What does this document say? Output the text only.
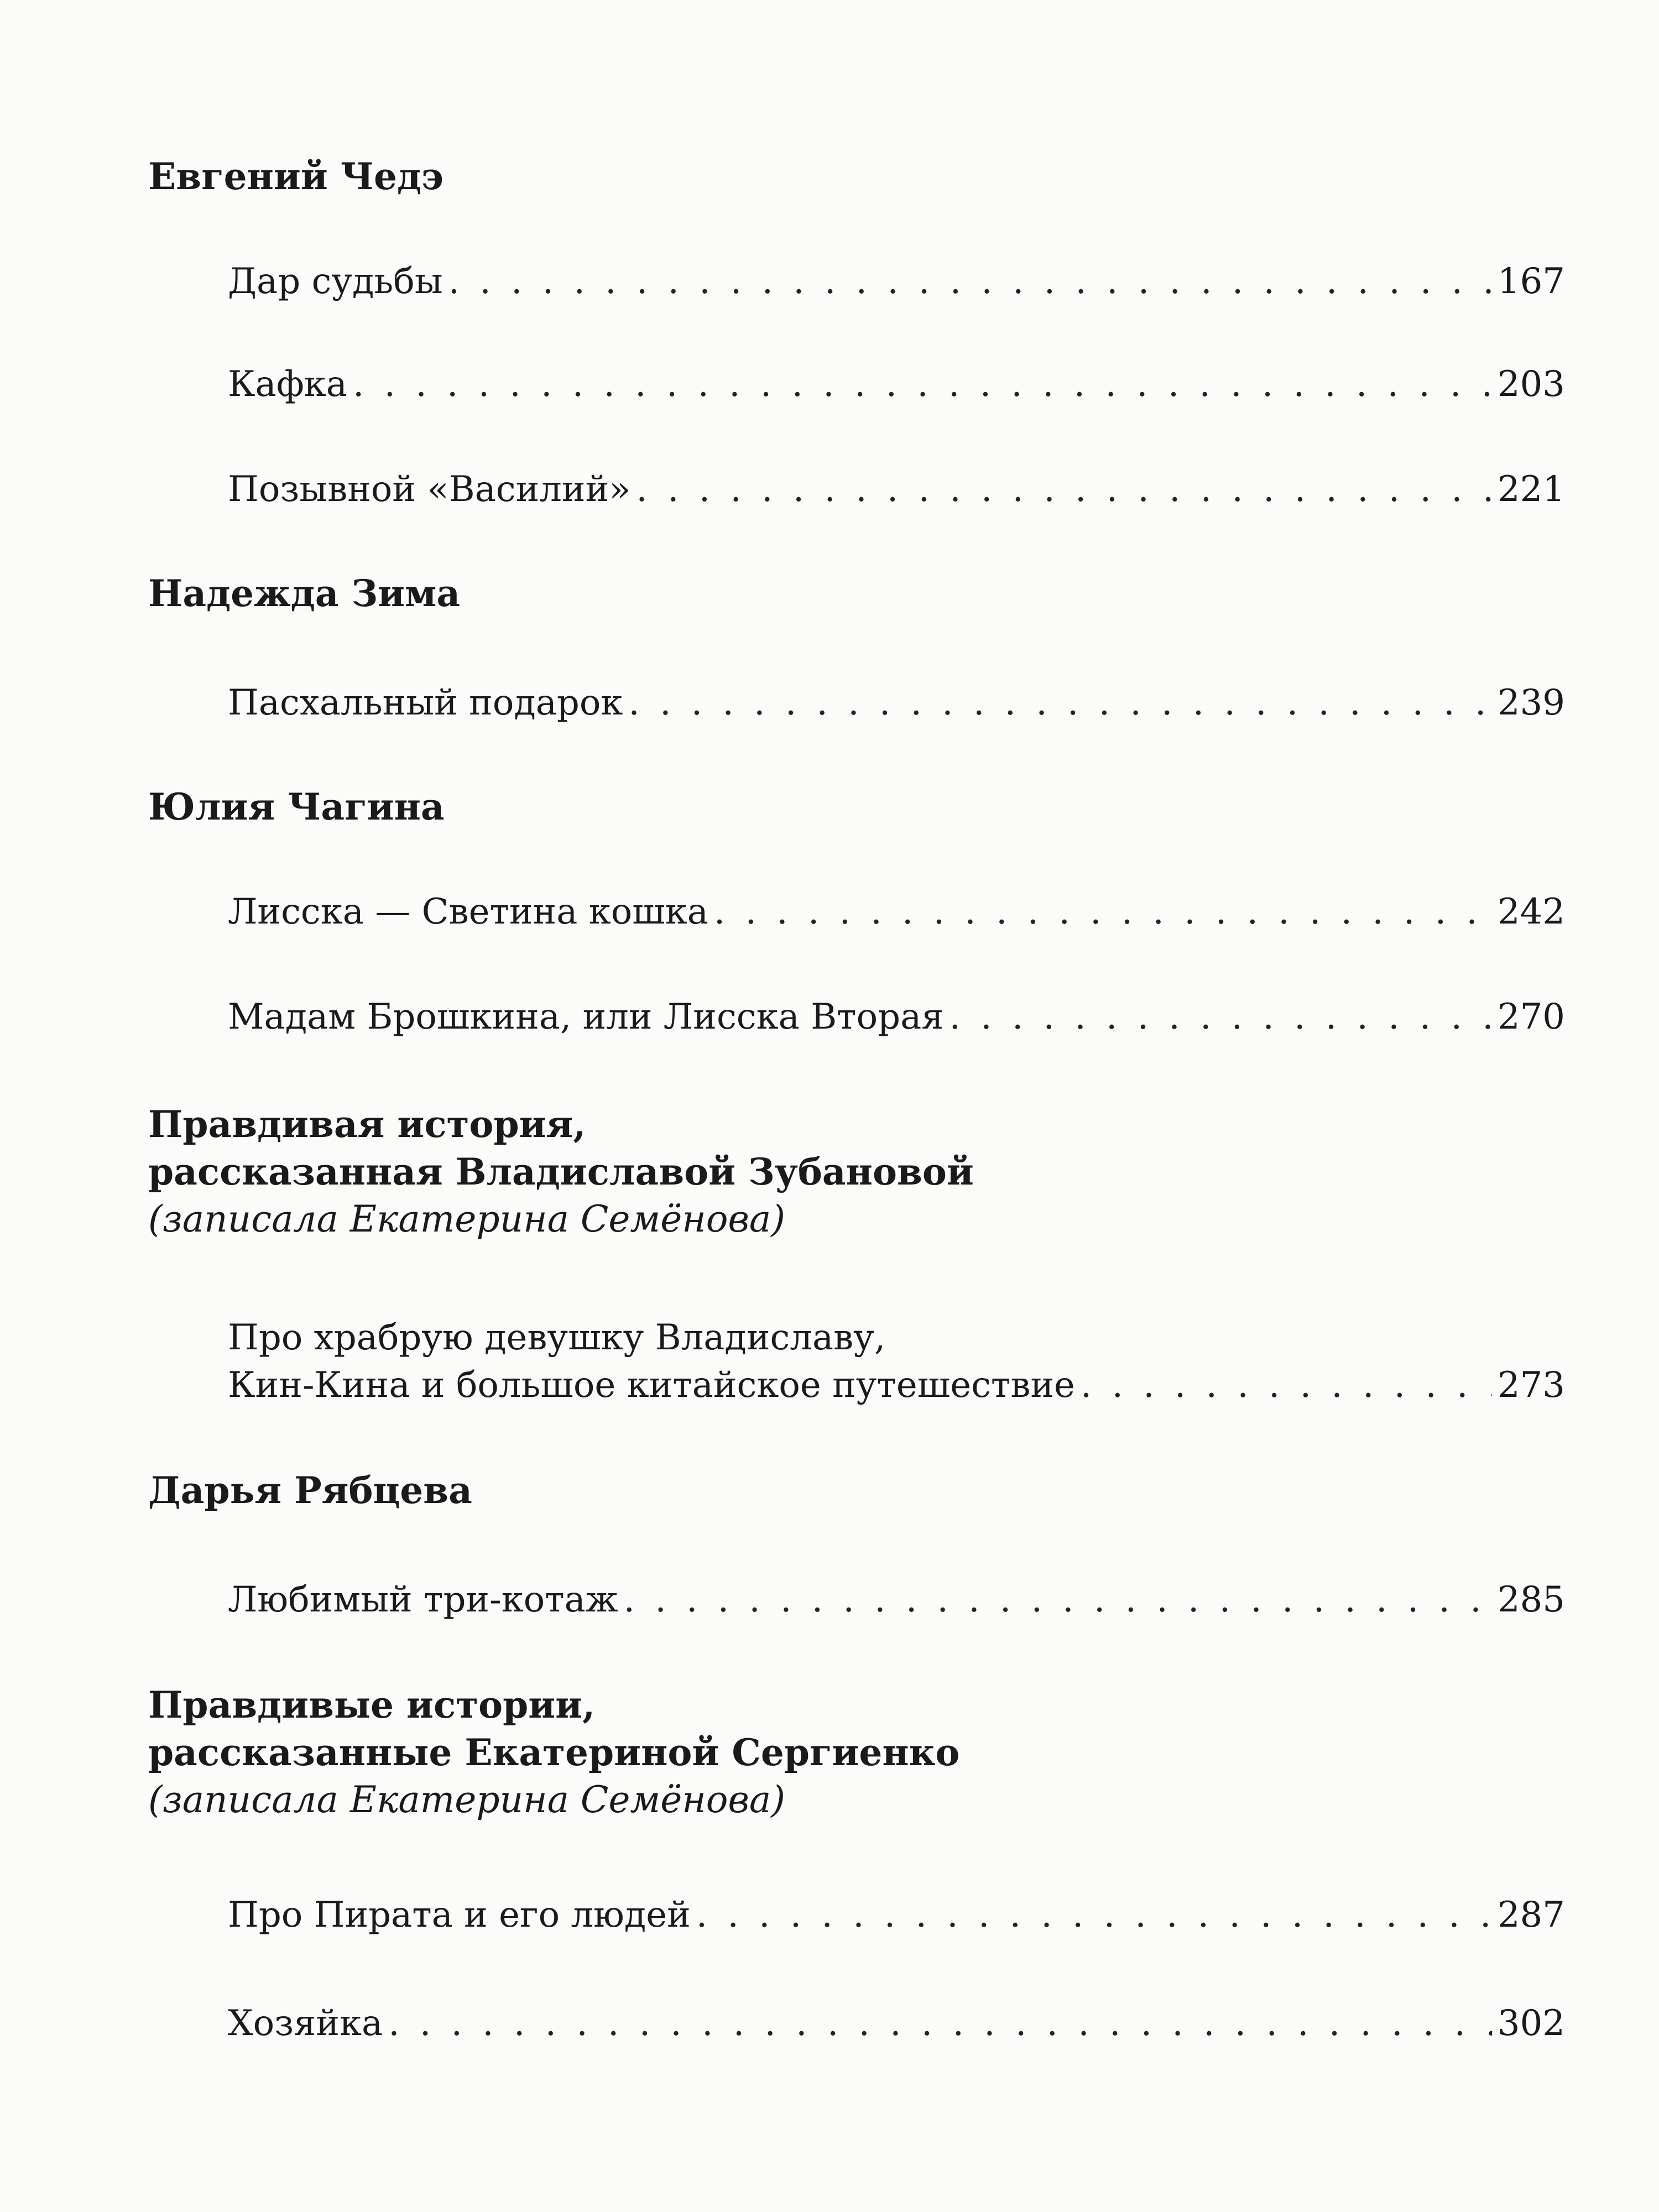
Евгений Чедэ
Дар судьбы . . .	167
Кафка . . .	203
Позывной «Василий» . . .	221
Надежда Зима
Пасхальный подарок . . .	239
Юлия Чагина
Лисска — Светина кошка . . .	242
Мадам Брошкина, или Лисска Вторая . . .	270
Правдивая история,
рассказанная Владиславой Зубановой
(записала Екатерина Семёнова)
Про храбрую девушку Владиславу,
Кин-Кина и большое китайское путешествие . . .	273
Дарья Рябцева
Любимый три-котаж . . .	285
Правдивые истории,
рассказанные Екатериной Сергиенко
(записала Екатерина Семёнова)
Про Пирата и его людей . . .	287
Хозяйка . . .	302
